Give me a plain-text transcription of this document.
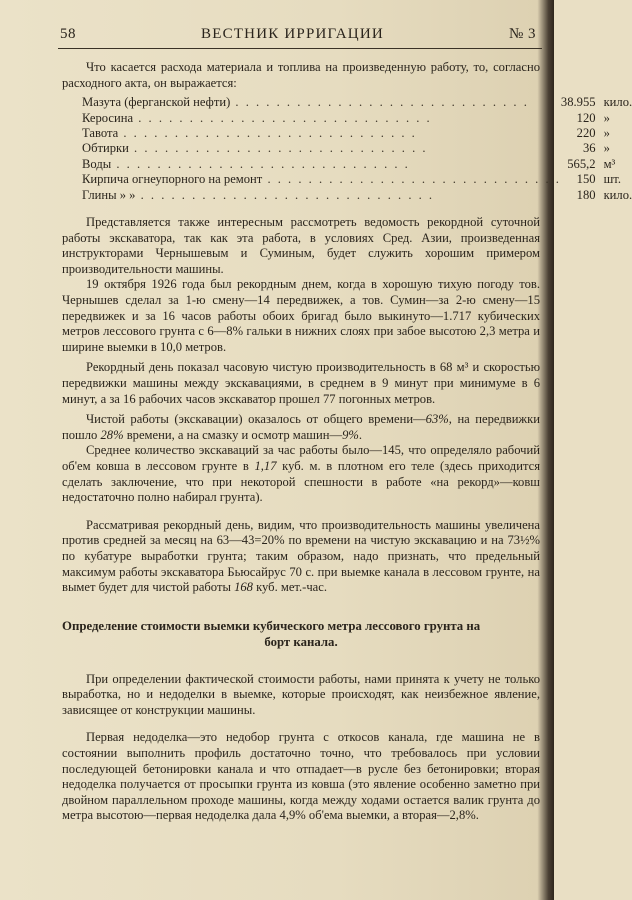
58	ВЕСТНИК ИРРИГАЦИИ	№ 3

Что касается расхода материала и топлива на произведенную работу, то, согласно расходного акта, он выражается:

Мазута (ферганской нефти) . . . . . . . . . . . . . . . . . . . . . . . . . . . . .	38.955	кило.
Керосина . . . . . . . . . . . . . . . . . . . . . . . . . . . . .	120	»
Тавота . . . . . . . . . . . . . . . . . . . . . . . . . . . . .	220	»
Обтирки . . . . . . . . . . . . . . . . . . . . . . . . . . . . .	36	»
Воды . . . . . . . . . . . . . . . . . . . . . . . . . . . . .	565,2	м³
Кирпича огнеупорного на ремонт . . . . . . . . . . . . . . . . . . . . . . . . . . . . .	150	шт.
Глины » » . . . . . . . . . . . . . . . . . . . . . . . . . . . . .	180	кило.

Представляется также интересным рассмотреть ведомость рекордной суточной работы экскаватора, так как эта работа, в условиях Сред. Азии, произведенная инструкторами Чернышевым и Суминым, будет служить хорошим примером производительности машины.

19 октября 1926 года был рекордным днем, когда в хорошую тихую погоду тов. Чернышев сделал за 1-ю смену—14 передвижек, а тов. Сумин—за 2-ю смену—15 передвижек и за 16 часов работы обоих бригад было выкинуто—1.717 кубических метров лессового грунта с 6—8% гальки в нижних слоях при забое высотою 2,3 метра и ширине выемки в 10,0 метров.

Рекордный день показал часовую чистую производительность в 68 м³ и скоростью передвижки машины между экскавациями, в среднем в 9 минут при минимуме в 6 минут, а за 16 рабочих часов экскаватор прошел 77 погонных метров.

Чистой работы (экскавации) оказалось от общего времени—63%, на передвижки пошло 28% времени, а на смазку и осмотр машин—9%.

Среднее количество экскаваций за час работы было—145, что определяло рабочий об'ем ковша в лессовом грунте в 1,17 куб. м. в плотном его теле (здесь приходится сделать заключение, что при некоторой спешности в работе «на рекорд»—ковш недостаточно полно набирал грунта).

Рассматривая рекордный день, видим, что производительность машины увеличена против средней за месяц на 63—43=20% по времени на чистую экскавацию и на 73½% по кубатуре выработки грунта; таким образом, надо признать, что предельный максимум работы экскаватора Бьюсайрус 70 с. при выемке канала в лессовом грунте, на вымет будет для чистой работы 168 куб. мет.-час.

Определение стоимости выемки кубического метра лессового грунта на
борт канала.

При определении фактической стоимости работы, нами принята к учету не только выработка, но и недоделки в выемке, которые происходят, как неизбежное явление, зависящее от конструкции машины.

Первая недоделка—это недобор грунта с откосов канала, где машина не в состоянии выполнить профиль достаточно точно, что требовалось при условии последующей бетонировки канала и что отпадает—в русле без бетонировки; вторая недоделка получается от просыпки грунта из ковша (это явление особенно заметно при двойном параллельном проходе машины, когда между ходами остается валик грунта до метра высотою—первая недоделка дала 4,9% об'ема выемки, а вторая—2,8%.
